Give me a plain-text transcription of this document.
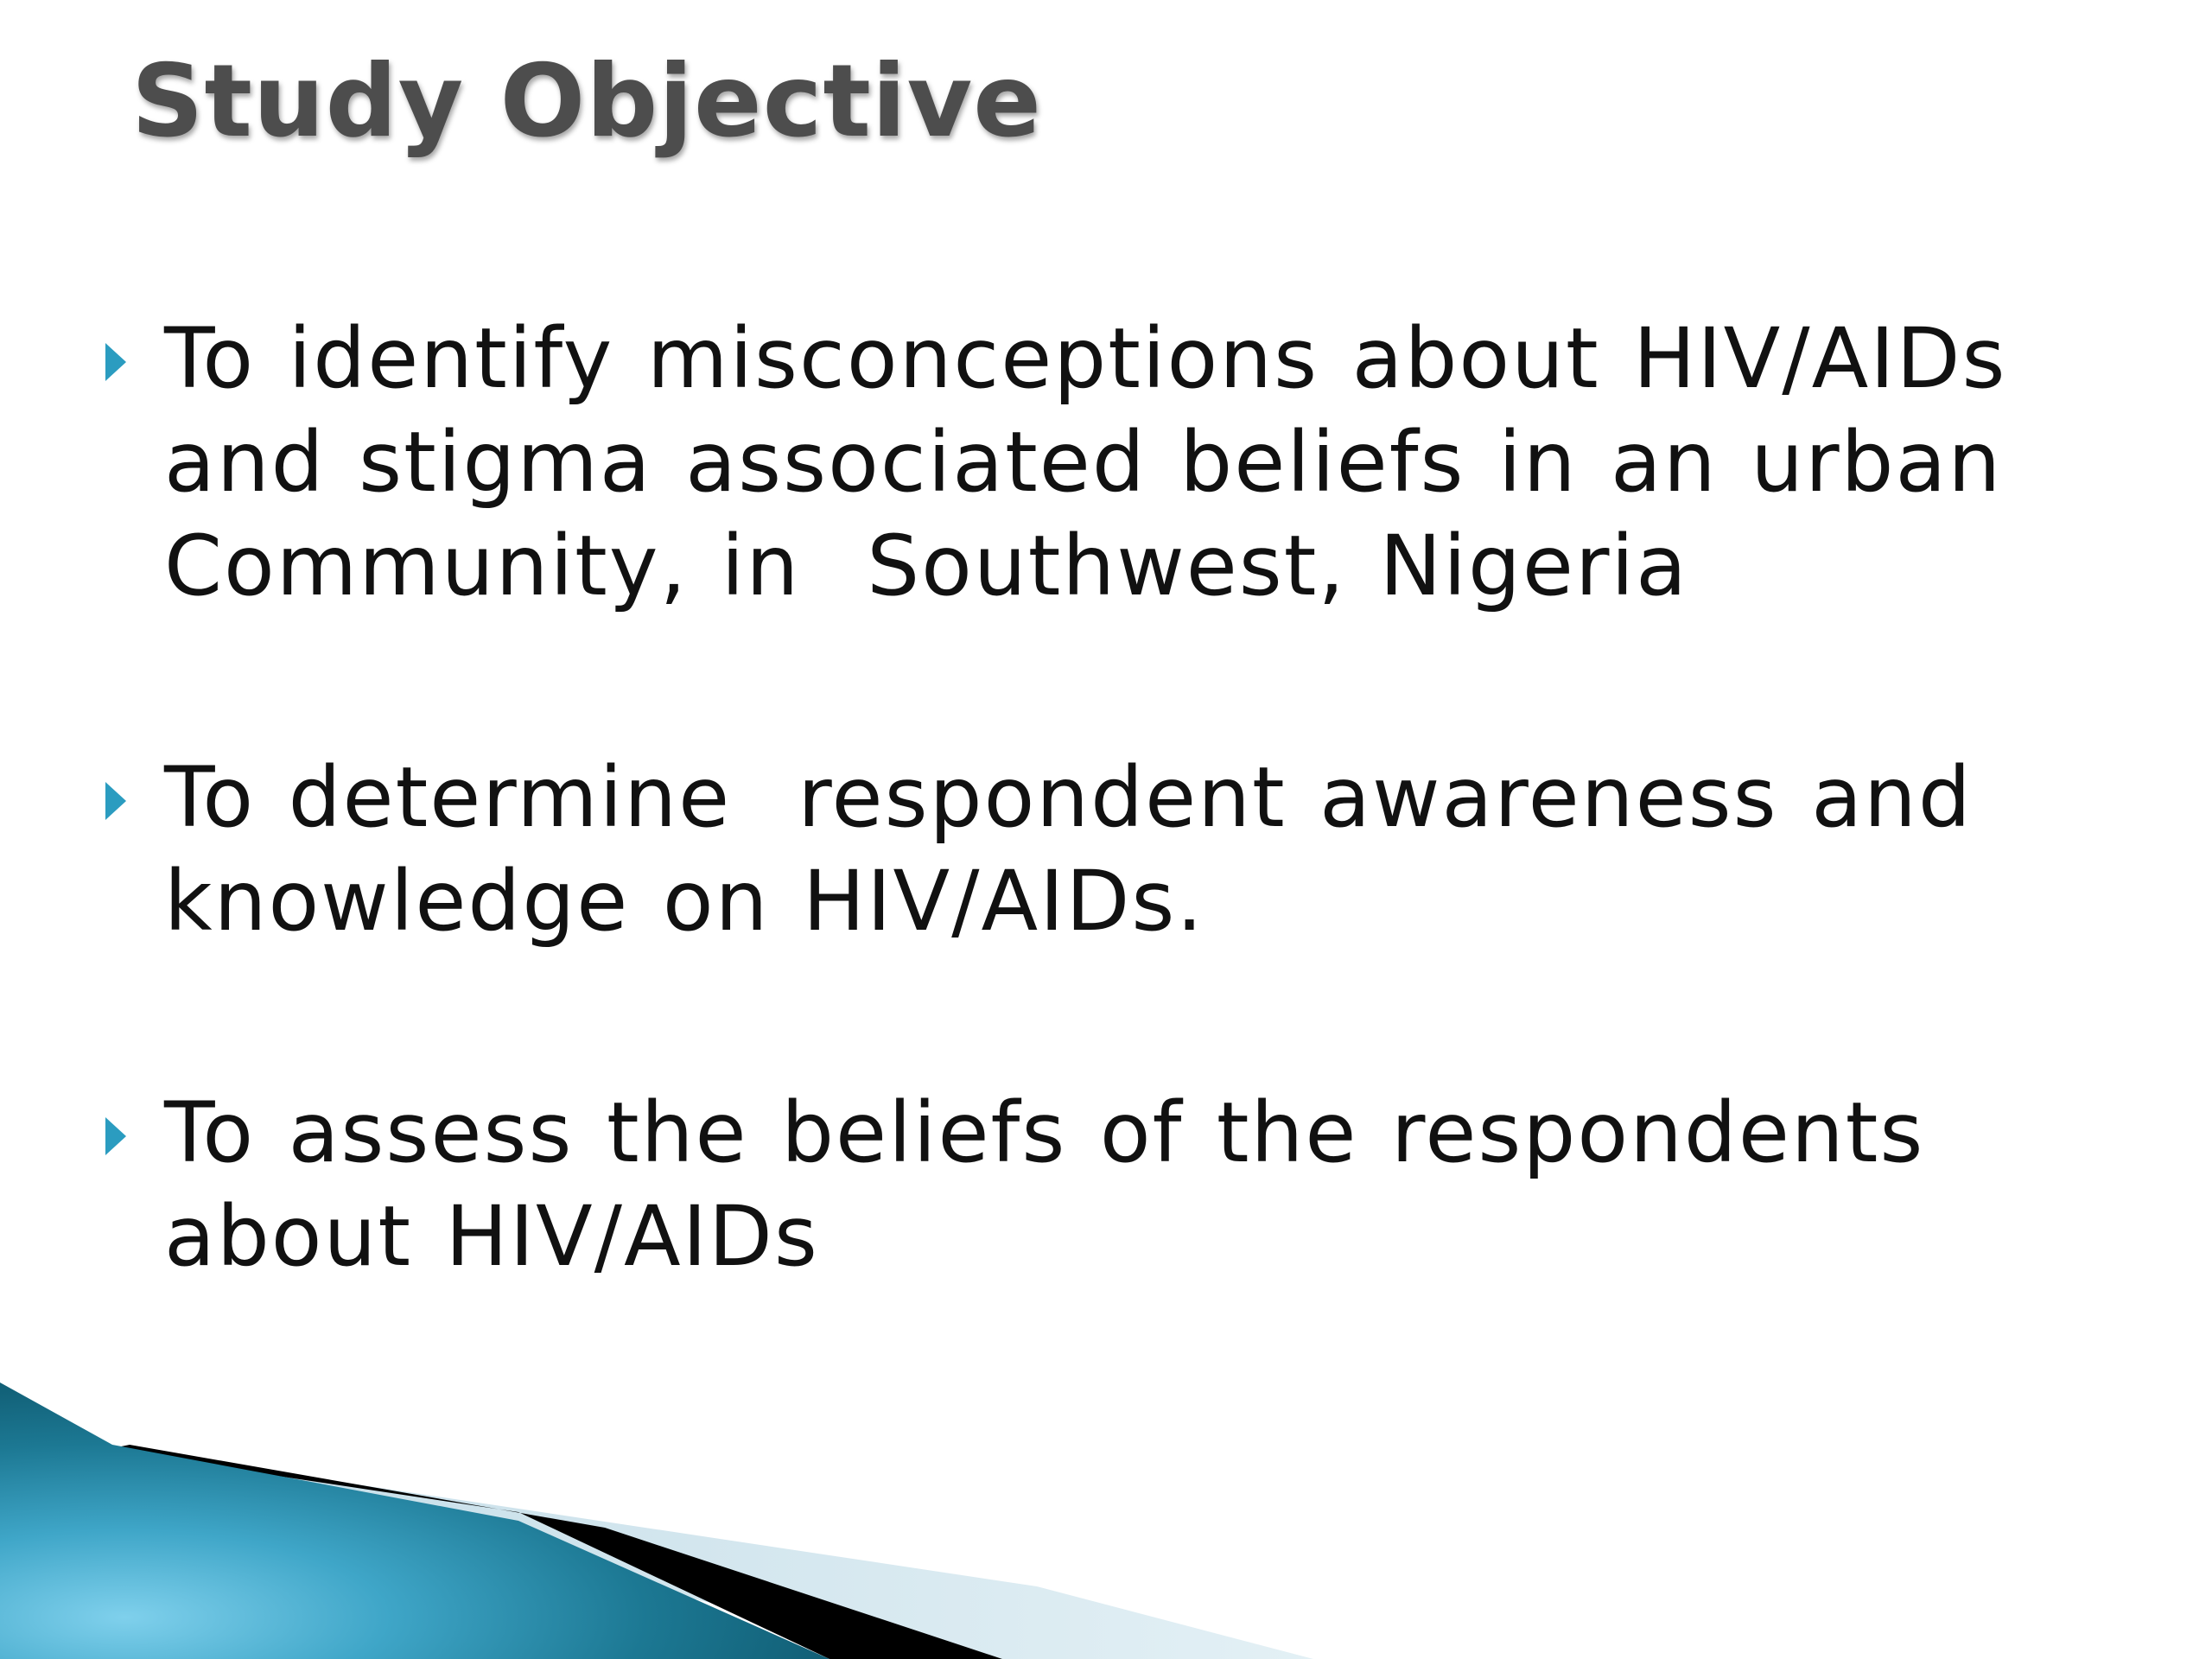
Study Objective
To identify misconceptions about HIV/AIDs and stigma associated beliefs in an urban Community, in  Southwest, Nigeria
To determine  respondent awareness and knowledge on HIV/AIDs.
To assess the beliefs of the respondents about HIV/AIDs
